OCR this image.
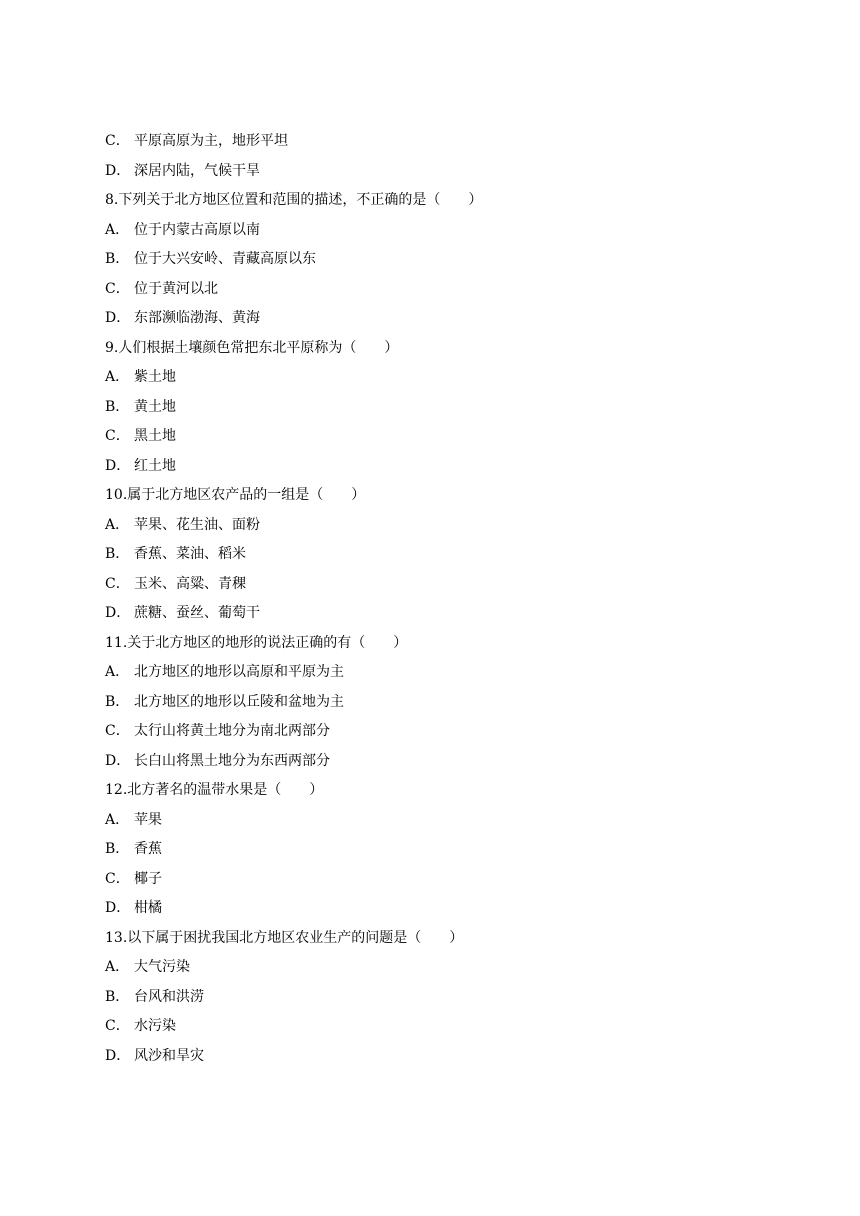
C． 平原高原为主，地形平坦
D． 深居内陆，气候干旱
8.下列关于北方地区位置和范围的描述，不正确的是（　　）
A． 位于内蒙古高原以南
B． 位于大兴安岭、青藏高原以东
C． 位于黄河以北
D． 东部濒临渤海、黄海
9.人们根据土壤颜色常把东北平原称为（　　）
A． 紫土地
B． 黄土地
C． 黑土地
D． 红土地
10.属于北方地区农产品的一组是（　　）
A． 苹果、花生油、面粉
B． 香蕉、菜油、稻米
C． 玉米、高粱、青稞
D． 蔗糖、蚕丝、葡萄干
11.关于北方地区的地形的说法正确的有（　　）
A． 北方地区的地形以高原和平原为主
B． 北方地区的地形以丘陵和盆地为主
C． 太行山将黄土地分为南北两部分
D． 长白山将黑土地分为东西两部分
12.北方著名的温带水果是（　　）
A． 苹果
B． 香蕉
C． 椰子
D． 柑橘
13.以下属于困扰我国北方地区农业生产的问题是（　　）
A． 大气污染
B． 台风和洪涝
C． 水污染
D． 风沙和旱灾
